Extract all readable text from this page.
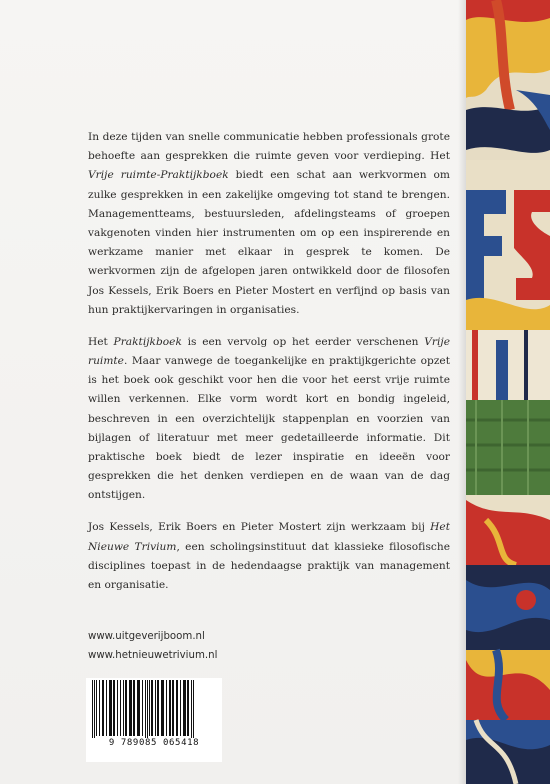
In deze tijden van snelle communicatie hebben professionals grote behoefte aan gesprekken die ruimte geven voor verdieping. Het Vrije ruimte-Praktijkboek biedt een schat aan werkvormen om zulke gesprekken in een zakelijke omgeving tot stand te brengen. Managementteams, bestuursleden, afdelingsteams of groepen vakgenoten vinden hier instrumenten om op een inspirerende en werkzame manier met elkaar in gesprek te komen. De werkvormen zijn de afgelopen jaren ontwikkeld door de filosofen Jos Kessels, Erik Boers en Pieter Mostert en verfijnd op basis van hun praktijkervaringen in organisaties.

Het Praktijkboek is een vervolg op het eerder verschenen Vrije ruimte. Maar vanwege de toegankelijke en praktijkgerichte opzet is het boek ook geschikt voor hen die voor het eerst vrije ruimte willen verkennen. Elke vorm wordt kort en bondig ingeleid, beschreven in een overzichtelijk stappenplan en voorzien van bijlagen of literatuur met meer gedetailleerde informatie. Dit praktische boek biedt de lezer inspiratie en ideeën voor gesprekken die het denken verdiepen en de waan van de dag ontstijgen.

Jos Kessels, Erik Boers en Pieter Mostert zijn werkzaam bij Het Nieuwe Trivium, een scholingsinstituut dat klassieke filosofische disciplines toepast in de hedendaagse praktijk van management en organisatie.

www.uitgeverijboom.nl
www.hetnieuwetrivium.nl
9 789085 065418
